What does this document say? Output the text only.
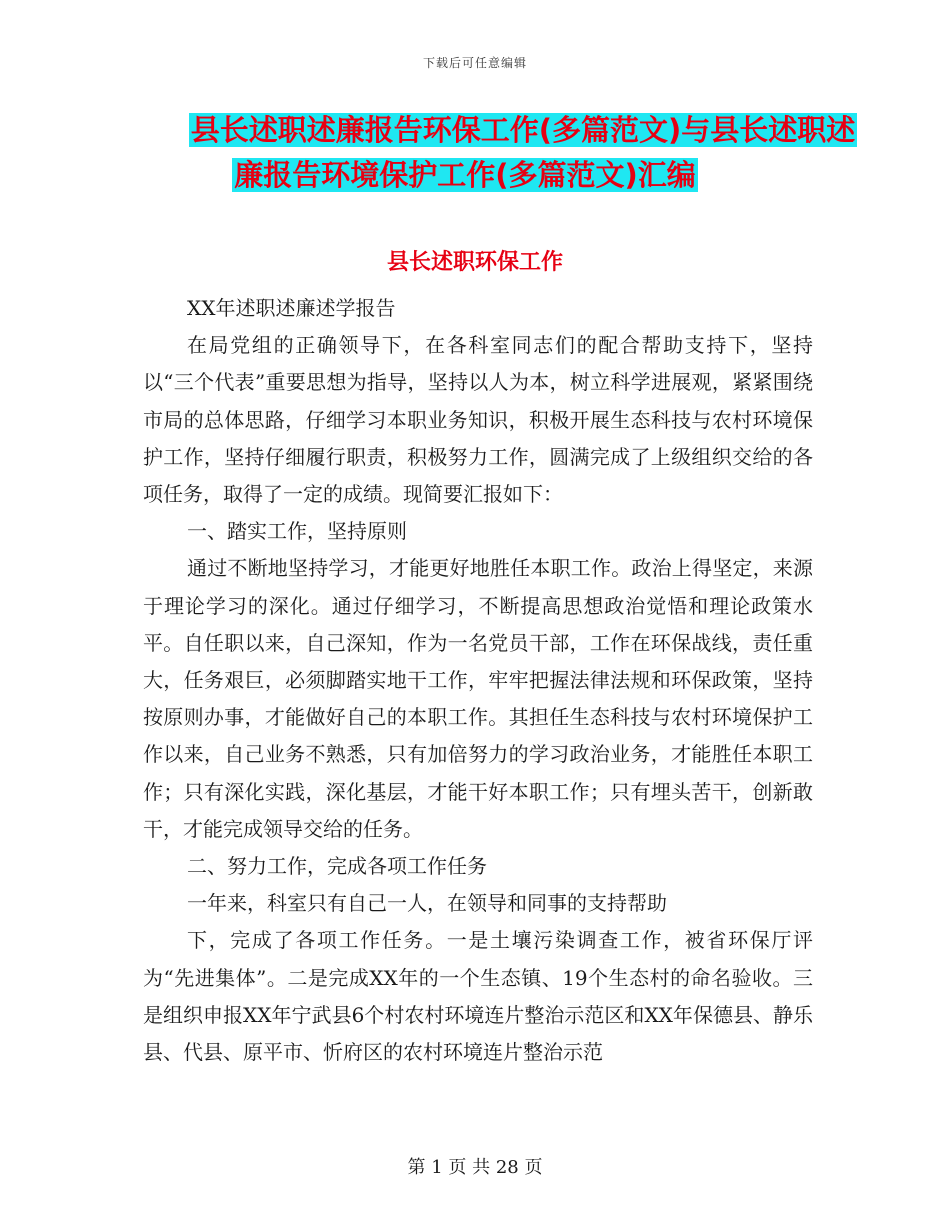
下载后可任意编辑
县长述职述廉报告环保工作(多篇范文)与县长述职述
廉报告环境保护工作(多篇范文)汇编
县长述职环保工作

XX年述职述廉述学报告

在局党组的正确领导下，在各科室同志们的配合帮助支持下，坚持以“三个代表”重要思想为指导，坚持以人为本，树立科学进展观，紧紧围绕市局的总体思路，仔细学习本职业务知识，积极开展生态科技与农村环境保护工作，坚持仔细履行职责，积极努力工作，圆满完成了上级组织交给的各项任务，取得了一定的成绩。现简要汇报如下：

一、踏实工作，坚持原则

通过不断地坚持学习，才能更好地胜任本职工作。政治上得坚定，来源于理论学习的深化。通过仔细学习，不断提高思想政治觉悟和理论政策水平。自任职以来，自己深知，作为一名党员干部，工作在环保战线，责任重大，任务艰巨，必须脚踏实地干工作，牢牢把握法律法规和环保政策，坚持按原则办事，才能做好自己的本职工作。其担任生态科技与农村环境保护工作以来，自己业务不熟悉，只有加倍努力的学习政治业务，才能胜任本职工作；只有深化实践，深化基层，才能干好本职工作；只有埋头苦干，创新敢干，才能完成领导交给的任务。

二、努力工作，完成各项工作任务

一年来，科室只有自己一人，在领导和同事的支持帮助

下，完成了各项工作任务。一是土壤污染调查工作，被省环保厅评为“先进集体”。二是完成XX年的一个生态镇、19个生态村的命名验收。三是组织申报XX年宁武县6个村农村环境连片整治示范区和XX年保德县、静乐县、代县、原平市、忻府区的农村环境连片整治示范

第 1 页 共 28 页
